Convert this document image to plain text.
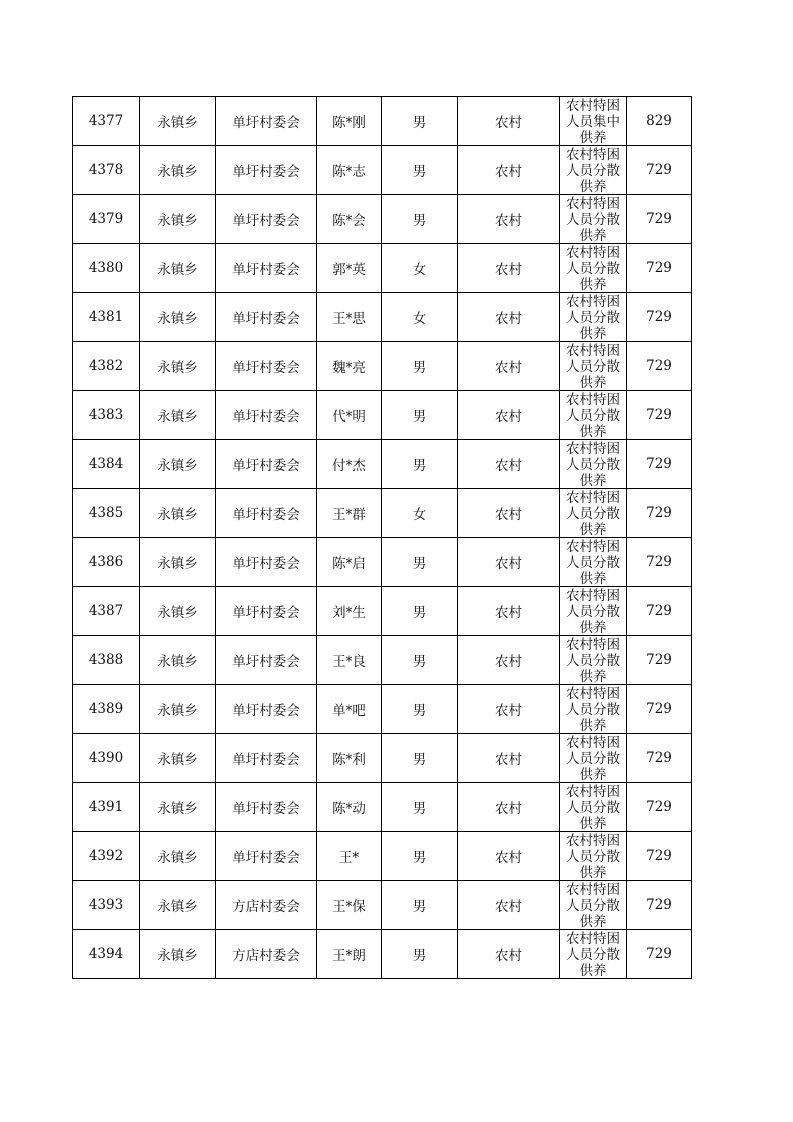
4377	永镇乡	单圩村委会	陈*刚	男	农村	农村特困人员集中供养	829
4378	永镇乡	单圩村委会	陈*志	男	农村	农村特困人员分散供养	729
4379	永镇乡	单圩村委会	陈*会	男	农村	农村特困人员分散供养	729
4380	永镇乡	单圩村委会	郭*英	女	农村	农村特困人员分散供养	729
4381	永镇乡	单圩村委会	王*思	女	农村	农村特困人员分散供养	729
4382	永镇乡	单圩村委会	魏*亮	男	农村	农村特困人员分散供养	729
4383	永镇乡	单圩村委会	代*明	男	农村	农村特困人员分散供养	729
4384	永镇乡	单圩村委会	付*杰	男	农村	农村特困人员分散供养	729
4385	永镇乡	单圩村委会	王*群	女	农村	农村特困人员分散供养	729
4386	永镇乡	单圩村委会	陈*启	男	农村	农村特困人员分散供养	729
4387	永镇乡	单圩村委会	刘*生	男	农村	农村特困人员分散供养	729
4388	永镇乡	单圩村委会	王*良	男	农村	农村特困人员分散供养	729
4389	永镇乡	单圩村委会	单*吧	男	农村	农村特困人员分散供养	729
4390	永镇乡	单圩村委会	陈*利	男	农村	农村特困人员分散供养	729
4391	永镇乡	单圩村委会	陈*动	男	农村	农村特困人员分散供养	729
4392	永镇乡	单圩村委会	王*	男	农村	农村特困人员分散供养	729
4393	永镇乡	方店村委会	王*保	男	农村	农村特困人员分散供养	729
4394	永镇乡	方店村委会	王*朗	男	农村	农村特困人员分散供养	729
